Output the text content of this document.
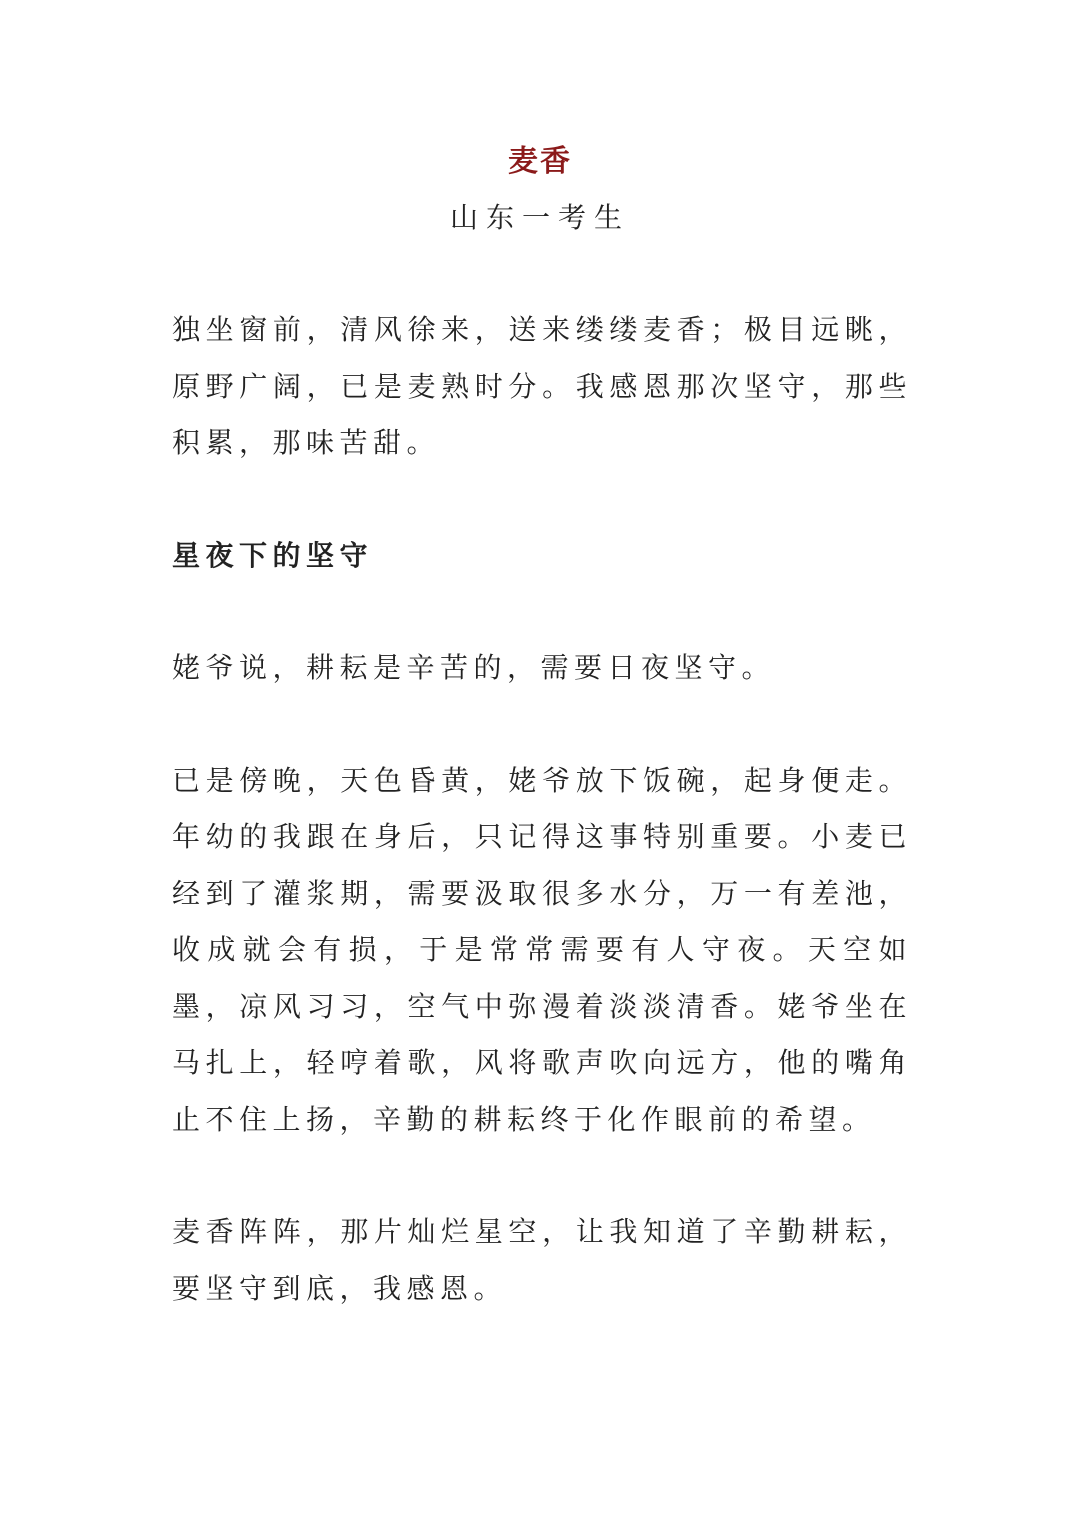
麦香
山东一考生

独坐窗前，清风徐来，送来缕缕麦香；极目远眺，原野广阔，已是麦熟时分。我感恩那次坚守，那些积累，那味苦甜。

星夜下的坚守

姥爷说，耕耘是辛苦的，需要日夜坚守。

已是傍晚，天色昏黄，姥爷放下饭碗，起身便走。年幼的我跟在身后，只记得这事特别重要。小麦已经到了灌浆期，需要汲取很多水分，万一有差池，收成就会有损，于是常常需要有人守夜。天空如墨，凉风习习，空气中弥漫着淡淡清香。姥爷坐在马扎上，轻哼着歌，风将歌声吹向远方，他的嘴角止不住上扬，辛勤的耕耘终于化作眼前的希望。

麦香阵阵，那片灿烂星空，让我知道了辛勤耕耘，要坚守到底，我感恩。
